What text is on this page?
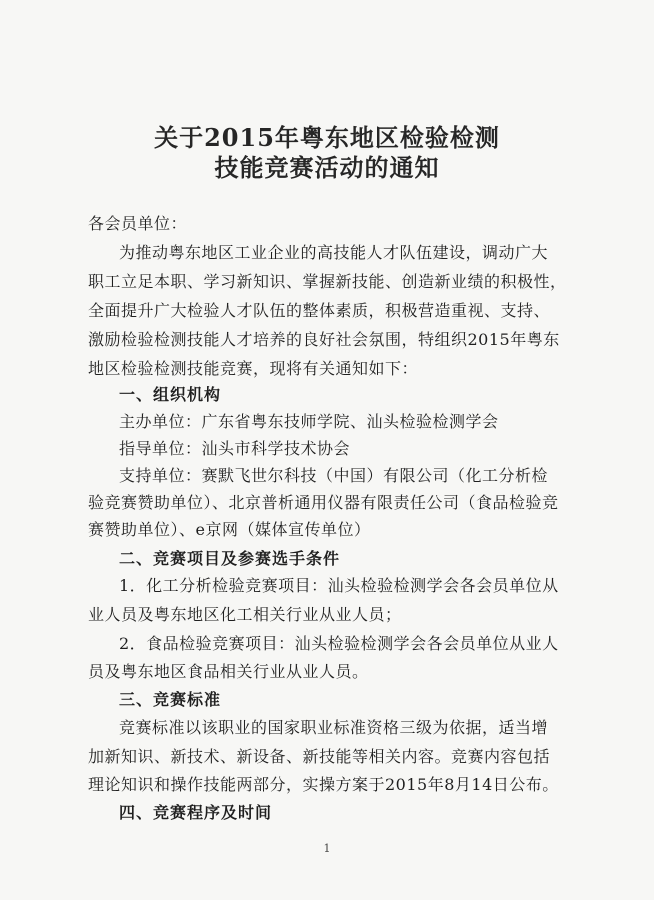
关于2015年粤东地区检验检测
技能竞赛活动的通知
各会员单位：
为推动粤东地区工业企业的高技能人才队伍建设，调动广大
职工立足本职、学习新知识、掌握新技能、创造新业绩的积极性，
全面提升广大检验人才队伍的整体素质，积极营造重视、支持、
激励检验检测技能人才培养的良好社会氛围，特组织2015年粤东
地区检验检测技能竞赛，现将有关通知如下：
一、组织机构
主办单位：广东省粤东技师学院、汕头检验检测学会
指导单位：汕头市科学技术协会
支持单位：赛默飞世尔科技（中国）有限公司（化工分析检
验竞赛赞助单位）、北京普析通用仪器有限责任公司（食品检验竞
赛赞助单位）、e京网（媒体宣传单位）
二、竞赛项目及参赛选手条件
1．化工分析检验竞赛项目：汕头检验检测学会各会员单位从
业人员及粤东地区化工相关行业从业人员；
2．食品检验竞赛项目：汕头检验检测学会各会员单位从业人
员及粤东地区食品相关行业从业人员。
三、竞赛标准
竞赛标准以该职业的国家职业标准资格三级为依据，适当增
加新知识、新技术、新设备、新技能等相关内容。竞赛内容包括
理论知识和操作技能两部分，实操方案于2015年8月14日公布。
四、竞赛程序及时间
1
